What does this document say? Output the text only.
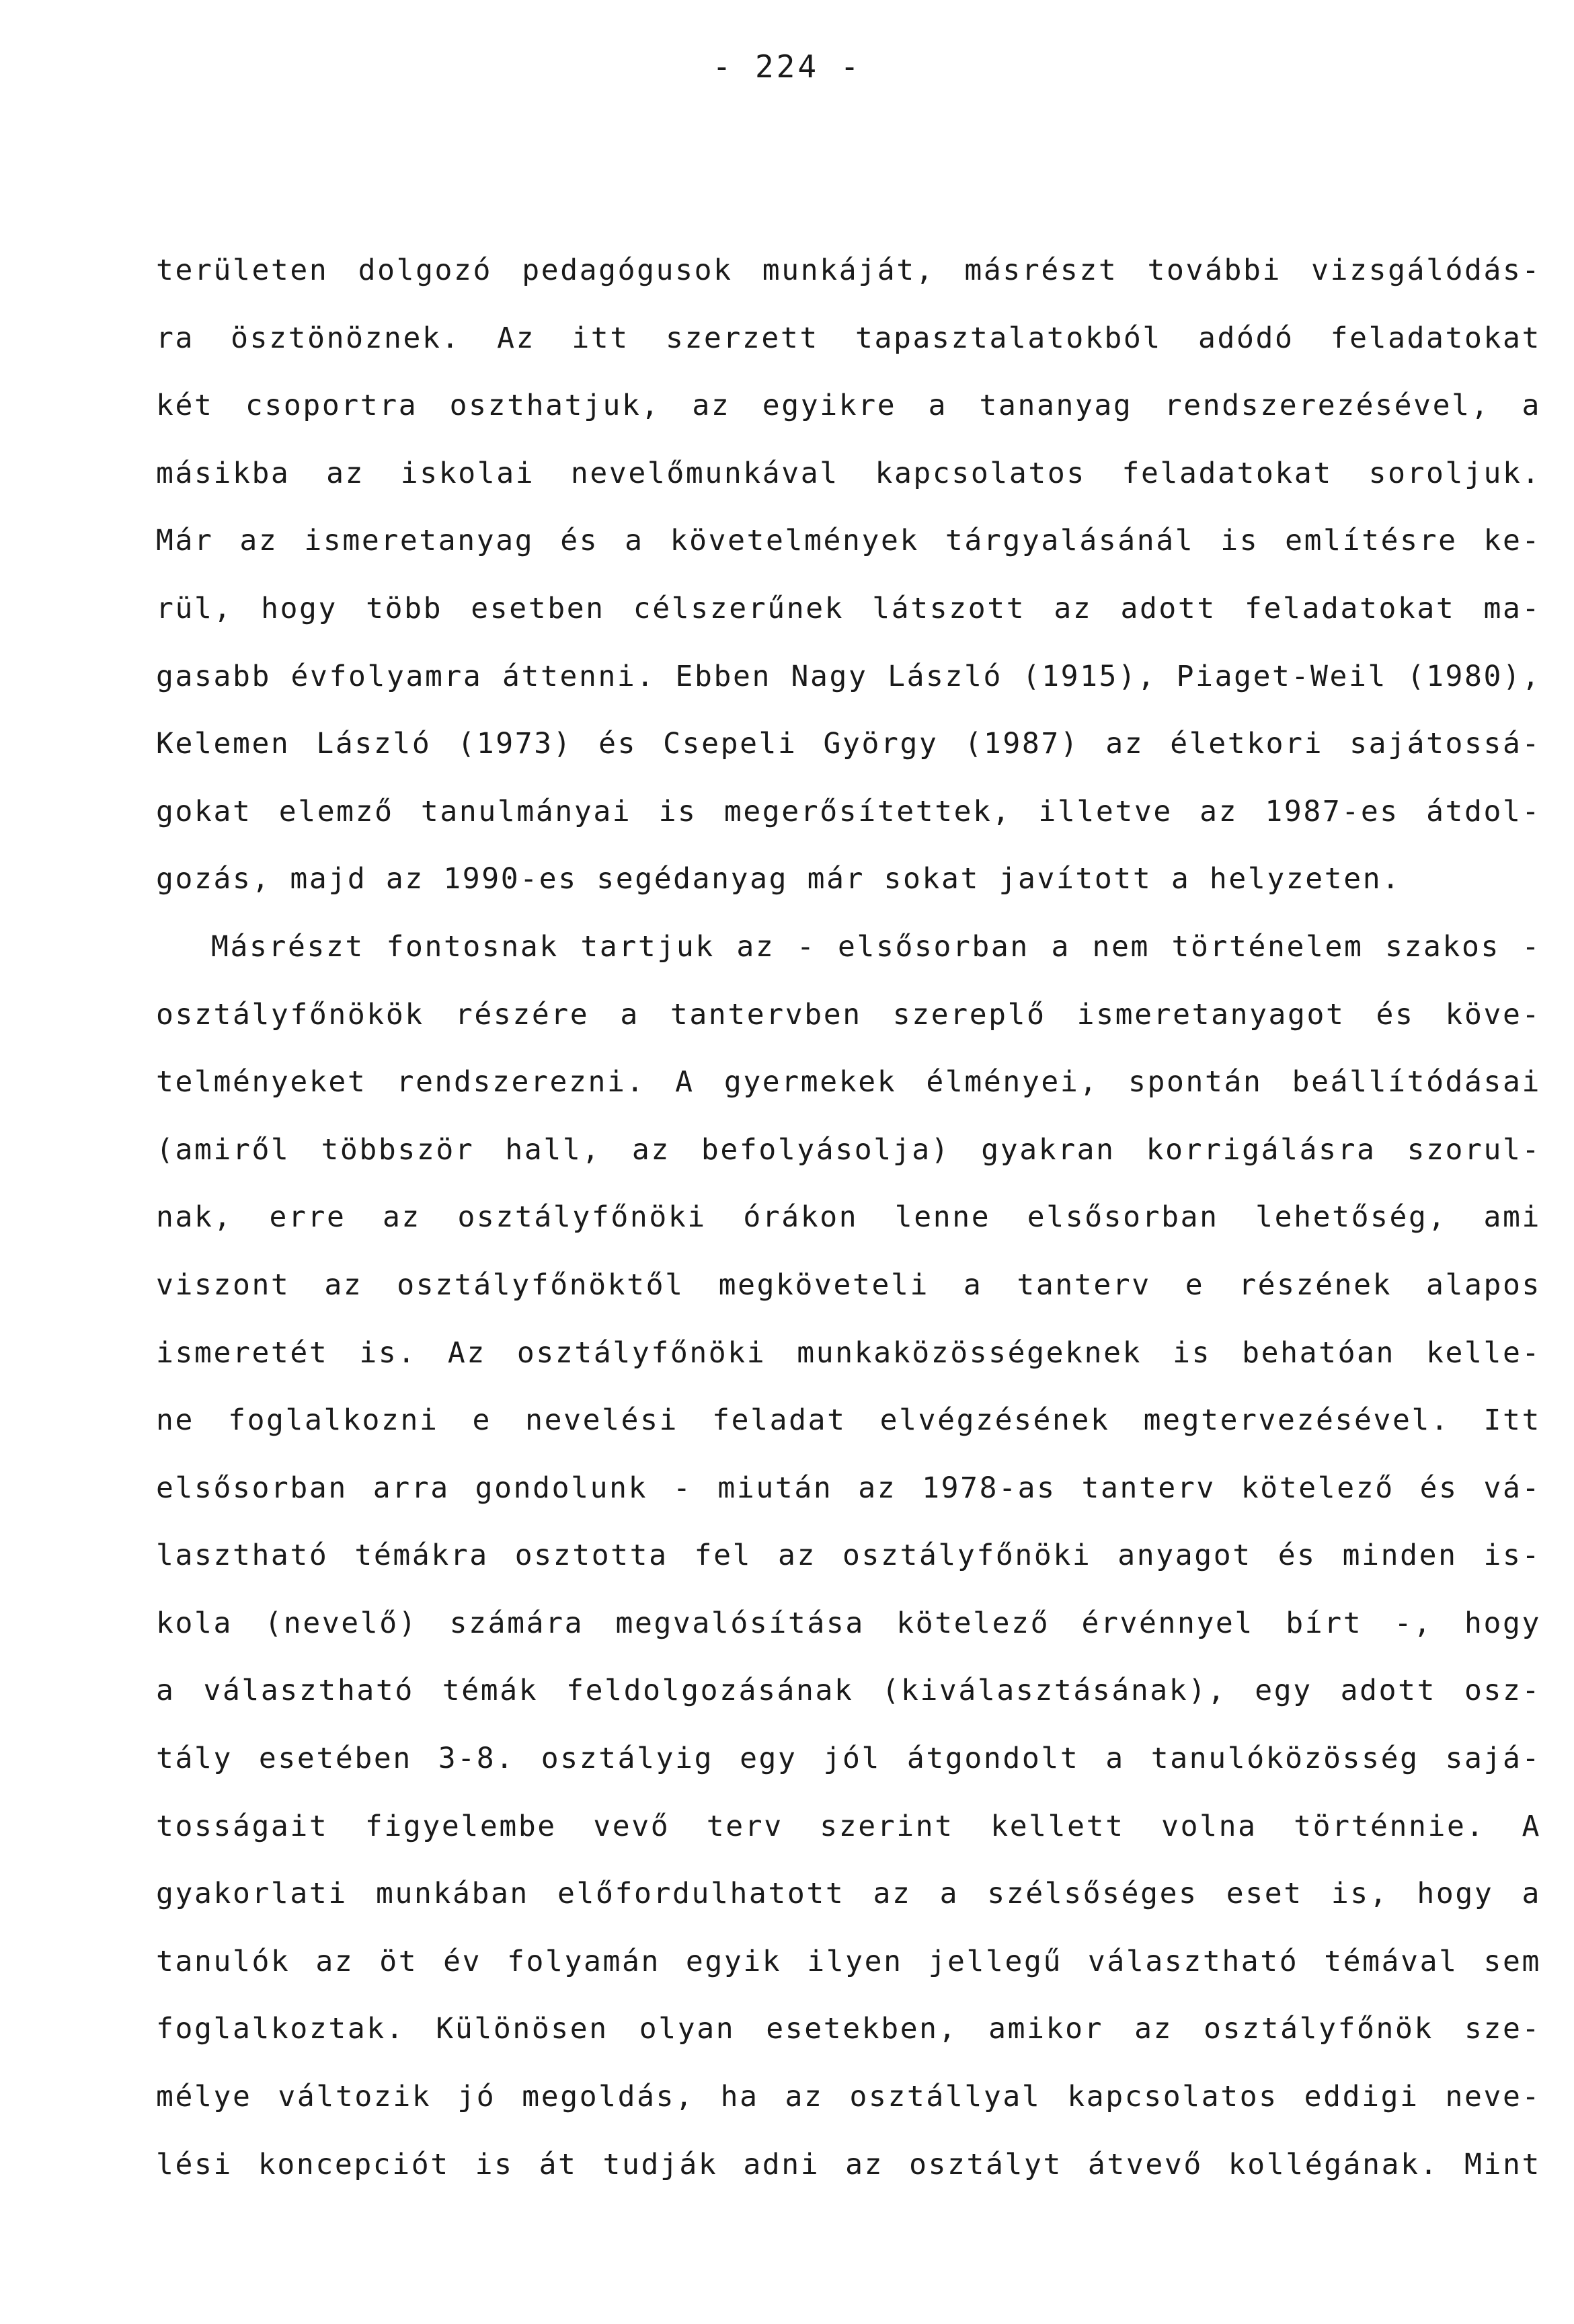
- 224 -
területen dolgozó pedagógusok munkáját, másrészt további vizsgálódás-
ra ösztönöznek. Az itt szerzett tapasztalatokból adódó feladatokat
két csoportra oszthatjuk, az egyikre a tananyag rendszerezésével, a
másikba az iskolai nevelőmunkával kapcsolatos feladatokat soroljuk.
Már az ismeretanyag és a követelmények tárgyalásánál is említésre ke-
rül, hogy több esetben célszerűnek látszott az adott feladatokat ma-
gasabb évfolyamra áttenni. Ebben Nagy László (1915), Piaget-Weil (1980),
Kelemen László (1973) és Csepeli György (1987) az életkori sajátossá-
gokat elemző tanulmányai is megerősítettek, illetve az 1987-es átdol-
gozás, majd az 1990-es segédanyag már sokat javított a helyzeten.
Másrészt fontosnak tartjuk az - elsősorban a nem történelem szakos -
osztályfőnökök részére a tantervben szereplő ismeretanyagot és köve-
telményeket rendszerezni. A gyermekek élményei, spontán beállítódásai
(amiről többször hall, az befolyásolja) gyakran korrigálásra szorul-
nak, erre az osztályfőnöki órákon lenne elsősorban lehetőség, ami
viszont az osztályfőnöktől megköveteli a tanterv e részének alapos
ismeretét is. Az osztályfőnöki munkaközösségeknek is behatóan kelle-
ne foglalkozni e nevelési feladat elvégzésének megtervezésével. Itt
elsősorban arra gondolunk - miután az 1978-as tanterv kötelező és vá-
lasztható témákra osztotta fel az osztályfőnöki anyagot és minden is-
kola (nevelő) számára megvalósítása kötelező érvénnyel bírt -, hogy
a választható témák feldolgozásának (kiválasztásának), egy adott osz-
tály esetében 3-8. osztályig egy jól átgondolt a tanulóközösség sajá-
tosságait figyelembe vevő terv szerint kellett volna történnie. A
gyakorlati munkában előfordulhatott az a szélsőséges eset is, hogy a
tanulók az öt év folyamán egyik ilyen jellegű választható témával sem
foglalkoztak. Különösen olyan esetekben, amikor az osztályfőnök sze-
mélye változik jó megoldás, ha az osztállyal kapcsolatos eddigi neve-
lési koncepciót is át tudják adni az osztályt átvevő kollégának. Mint
